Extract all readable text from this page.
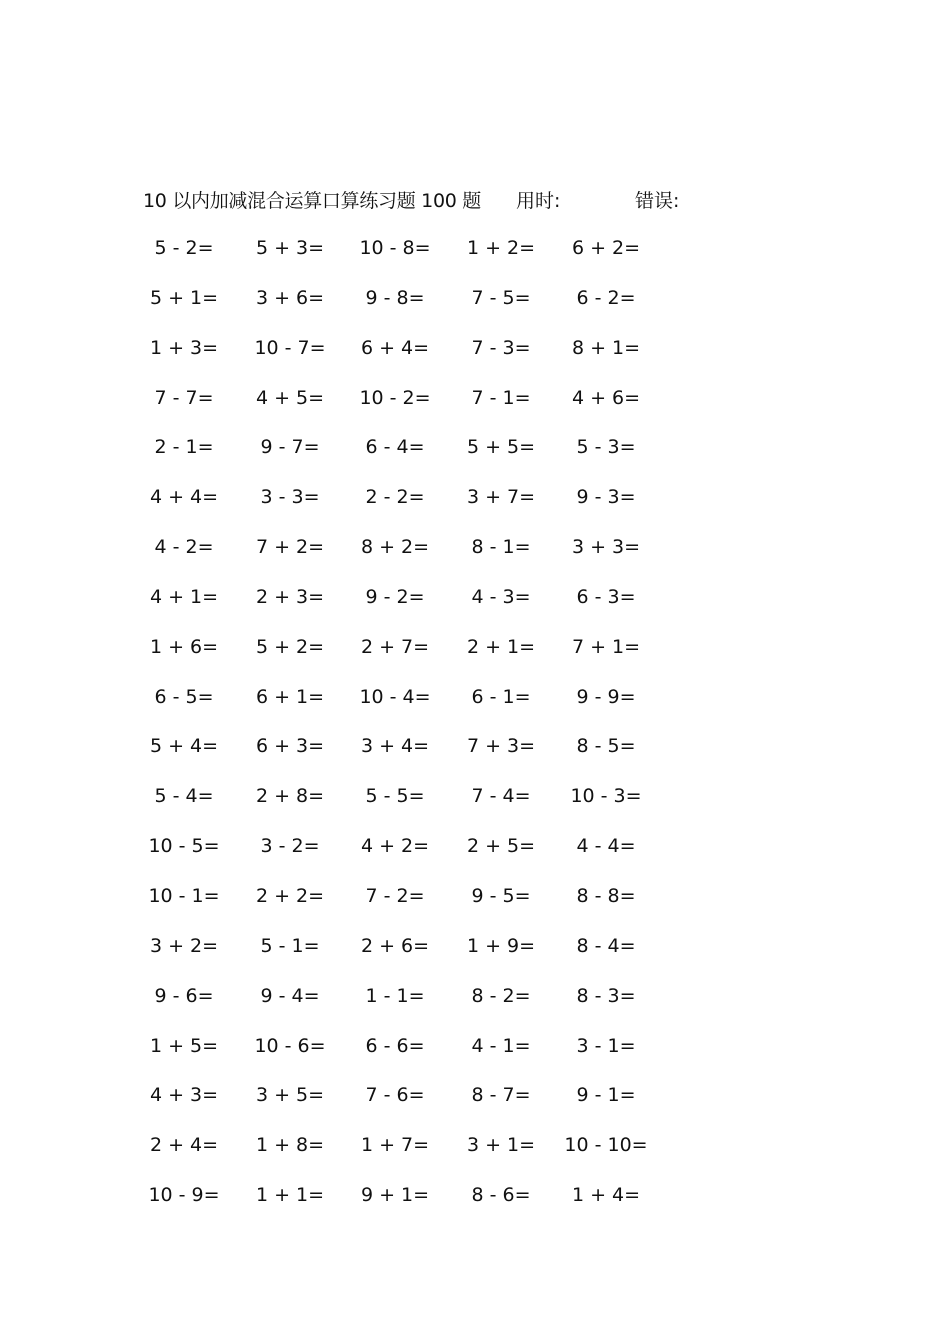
10 以内加减混合运算口算练习题 100 题 用时:	错误:
5 - 2=	5 + 3=	10 - 8=	1 + 2=	6 + 2=
5 + 1=	3 + 6=	9 - 8=	7 - 5=	6 - 2=
1 + 3=	10 - 7=	6 + 4=	7 - 3=	8 + 1=
7 - 7=	4 + 5=	10 - 2=	7 - 1=	4 + 6=
2 - 1=	9 - 7=	6 - 4=	5 + 5=	5 - 3=
4 + 4=	3 - 3=	2 - 2=	3 + 7=	9 - 3=
4 - 2=	7 + 2=	8 + 2=	8 - 1=	3 + 3=
4 + 1=	2 + 3=	9 - 2=	4 - 3=	6 - 3=
1 + 6=	5 + 2=	2 + 7=	2 + 1=	7 + 1=
6 - 5=	6 + 1=	10 - 4=	6 - 1=	9 - 9=
5 + 4=	6 + 3=	3 + 4=	7 + 3=	8 - 5=
5 - 4=	2 + 8=	5 - 5=	7 - 4=	10 - 3=
10 - 5=	3 - 2=	4 + 2=	2 + 5=	4 - 4=
10 - 1=	2 + 2=	7 - 2=	9 - 5=	8 - 8=
3 + 2=	5 - 1=	2 + 6=	1 + 9=	8 - 4=
9 - 6=	9 - 4=	1 - 1=	8 - 2=	8 - 3=
1 + 5=	10 - 6=	6 - 6=	4 - 1=	3 - 1=
4 + 3=	3 + 5=	7 - 6=	8 - 7=	9 - 1=
2 + 4=	1 + 8=	1 + 7=	3 + 1=	10 - 10=
10 - 9=	1 + 1=	9 + 1=	8 - 6=	1 + 4=
